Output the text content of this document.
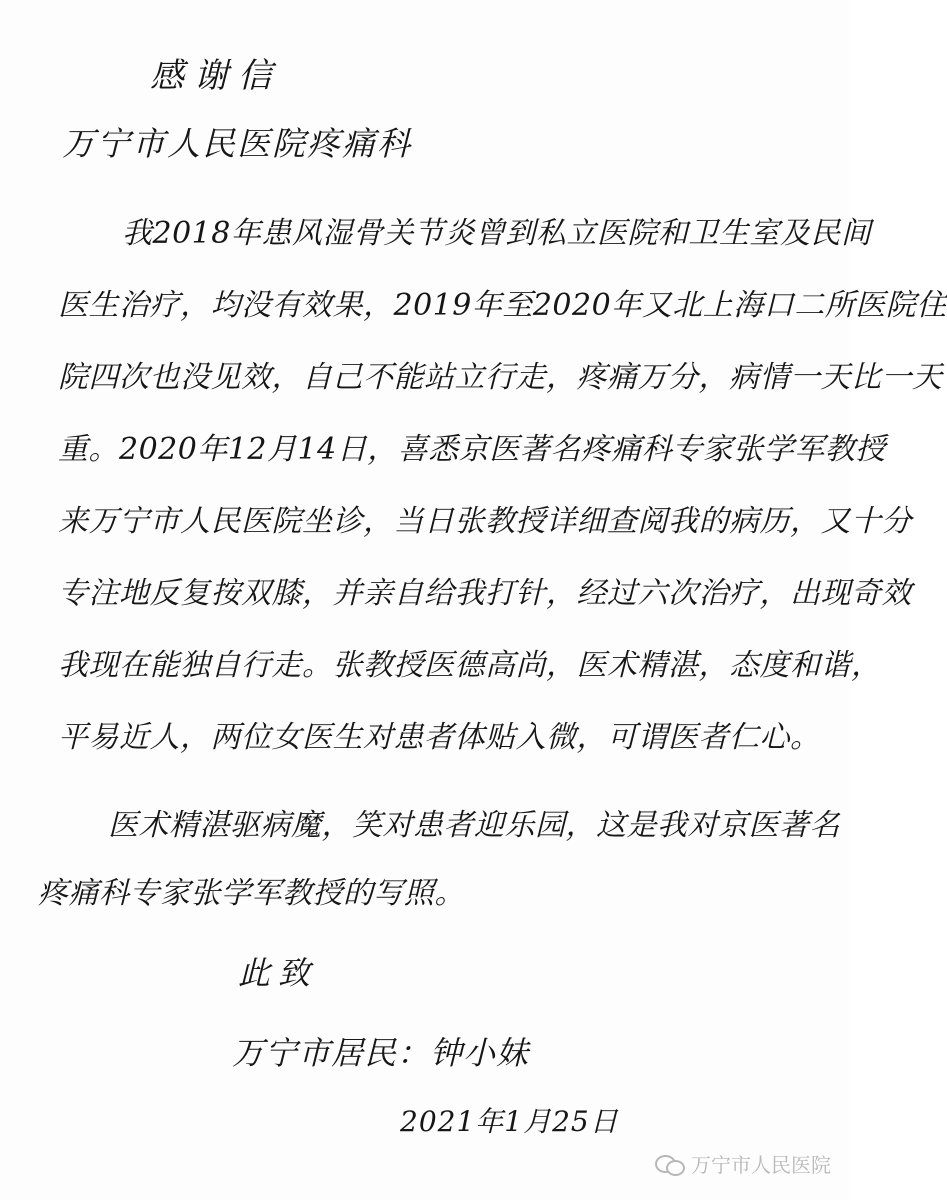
感谢信
万宁市人民医院疼痛科
我2018年患风湿骨关节炎曾到私立医院和卫生室及民间
医生治疗，均没有效果，2019年至2020年又北上海口二所医院住
院四次也没见效，自己不能站立行走，疼痛万分，病情一天比一天
重。2020年12月14日，喜悉京医著名疼痛科专家张学军教授
来万宁市人民医院坐诊，当日张教授详细查阅我的病历，又十分
专注地反复按双膝，并亲自给我打针，经过六次治疗，出现奇效
我现在能独自行走。张教授医德高尚，医术精湛，态度和谐，
平易近人，两位女医生对患者体贴入微，可谓医者仁心。
医术精湛驱病魔，笑对患者迎乐园，这是我对京医著名
疼痛科专家张学军教授的写照。
此致
万宁市居民：钟小妹
2021年1月25日
万宁市人民医院
